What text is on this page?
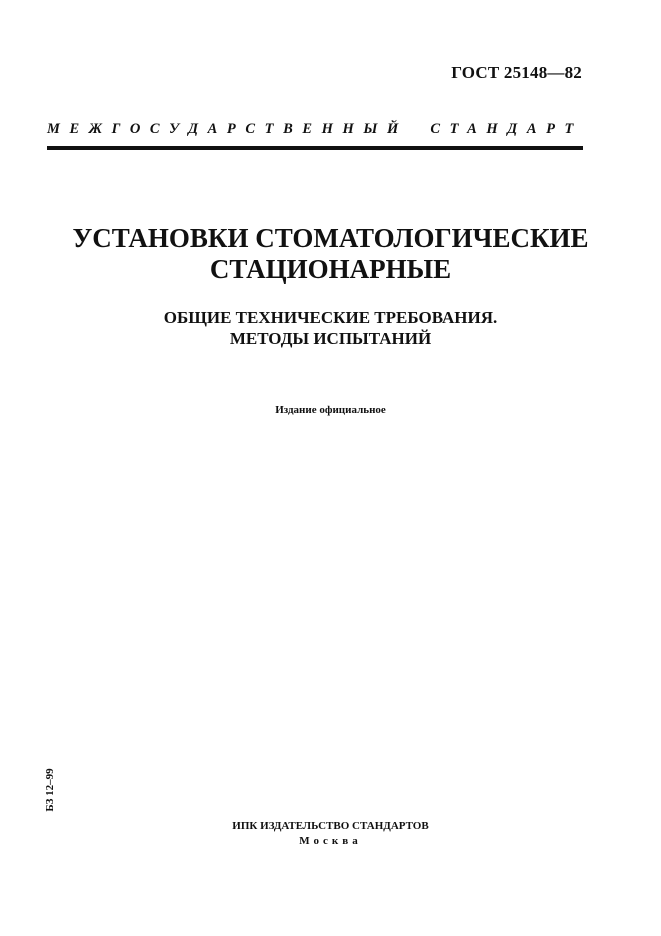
ГОСТ 25148—82
МЕЖГОСУДАРСТВЕННЫЙ СТАНДАРТ
УСТАНОВКИ СТОМАТОЛОГИЧЕСКИЕ
СТАЦИОНАРНЫЕ
ОБЩИЕ ТЕХНИЧЕСКИЕ ТРЕБОВАНИЯ.
МЕТОДЫ ИСПЫТАНИЙ
Издание официальное
БЗ 12–99
ИПК ИЗДАТЕЛЬСТВО СТАНДАРТОВ
Москва
